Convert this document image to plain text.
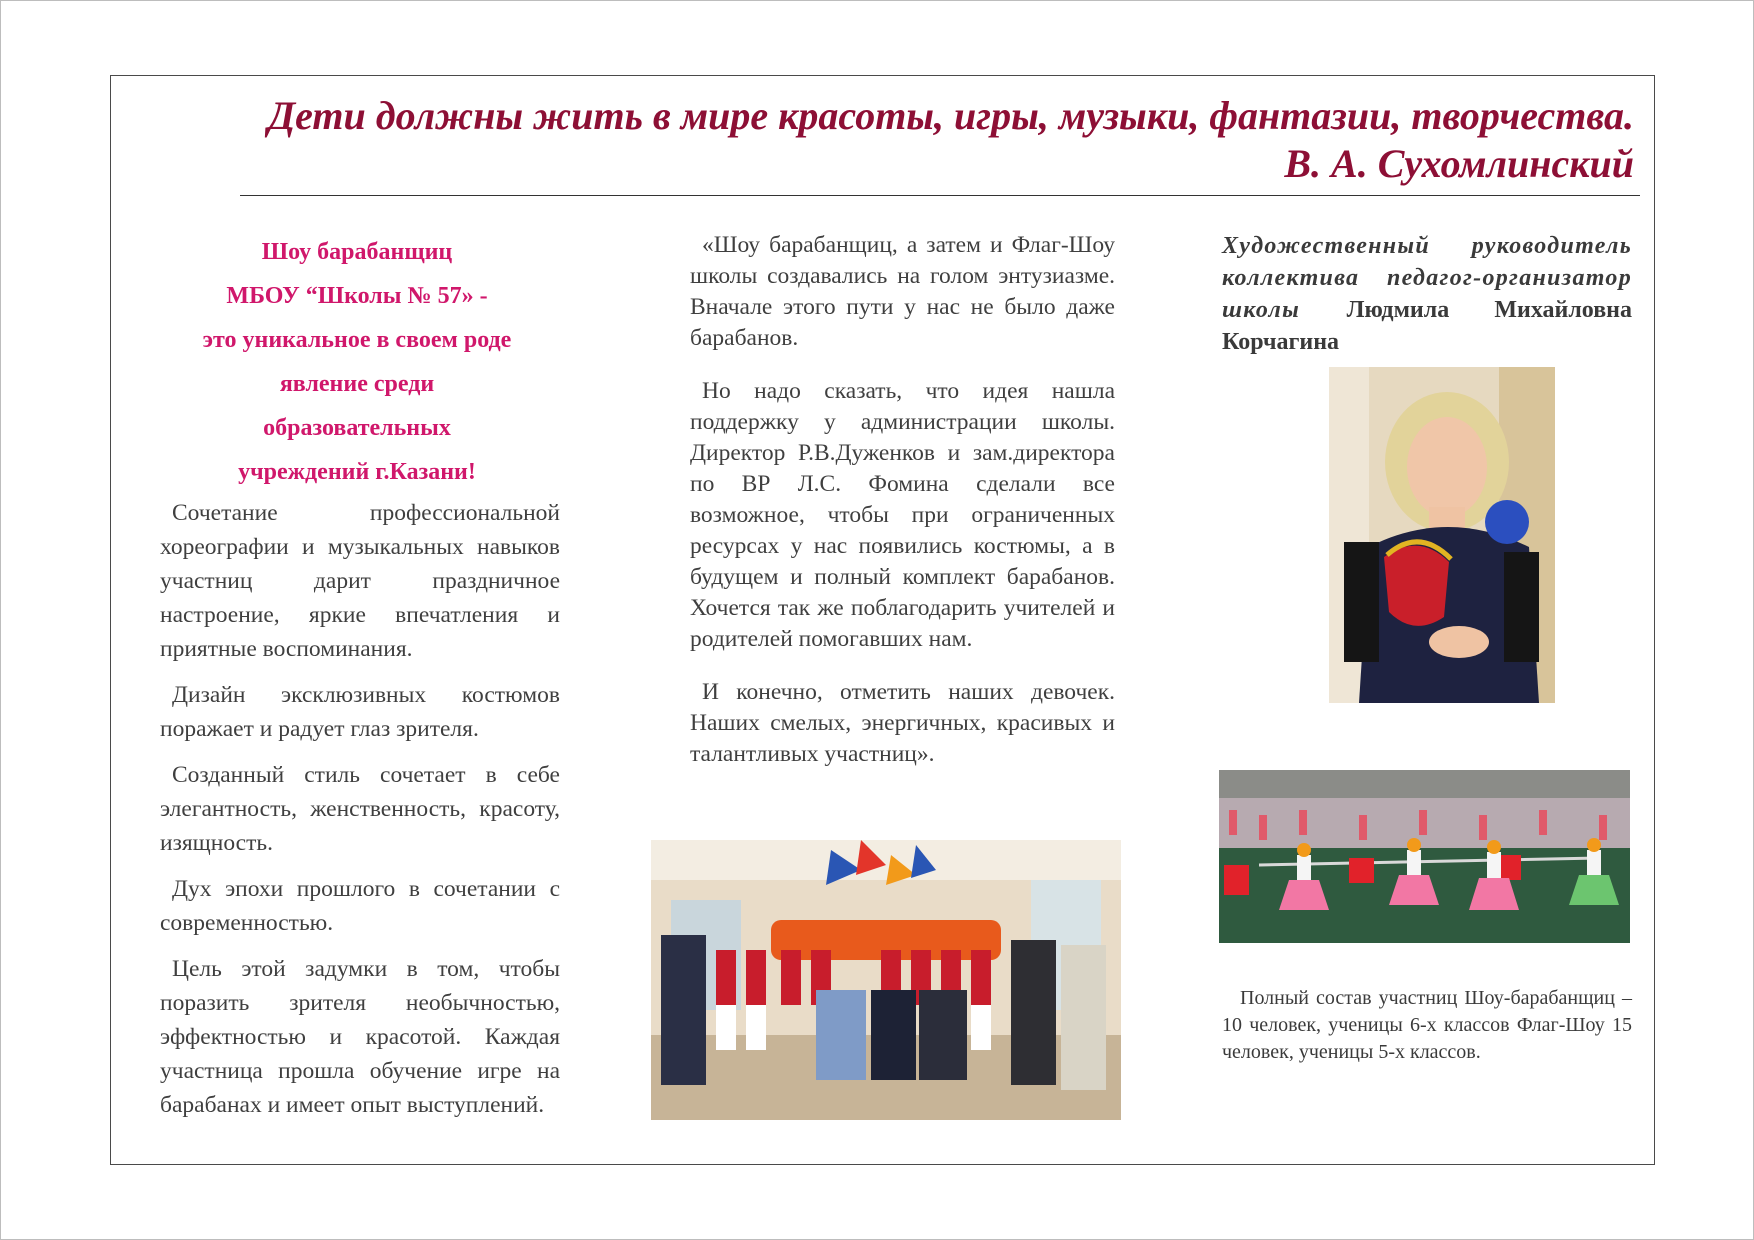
Дети должны жить в мире красоты, игры, музыки, фантазии, творчества.
В. А. Сухомлинский
Шоу барабанщиц
МБОУ “Школы № 57» -
это уникальное в своем роде
явление среди
образовательных
учреждений г.Казани!

Сочетание профессиональной хореографии и музыкальных навыков участниц дарит праздничное настроение, яркие впечатления и приятные воспоминания.

Дизайн эксклюзивных костюмов поражает и радует глаз зрителя.

Созданный стиль сочетает в себе элегантность, женственность, красоту, изящность.

Дух эпохи прошлого в сочетании с современностью.

Цель этой задумки в том, чтобы поразить зрителя необычностью, эффектностью и красотой. Каждая участница прошла обучение игре на барабанах и имеет опыт выступлений.

«Шоу барабанщиц, а затем и Флаг-Шоу школы создавались на голом энтузиазме. Вначале этого пути у нас не было даже барабанов.

Но надо сказать, что идея нашла поддержку у администрации школы. Директор Р.В.Дуженков и зам.директора по ВР Л.С. Фомина сделали все возможное, чтобы при ограниченных ресурсах у нас появились костюмы, а в будущем и полный комплект барабанов. Хочется так же поблагодарить учителей и родителей помогавших нам.

И конечно, отметить наших девочек. Наших смелых, энергичных, красивых и талантливых участниц».

Художественный руководитель коллектива педагог-организатор школы Людмила Михайловна Корчагина

Полный состав участниц Шоу-барабанщиц – 10 человек, ученицы 6-х классов Флаг-Шоу 15 человек, ученицы 5-х классов.
